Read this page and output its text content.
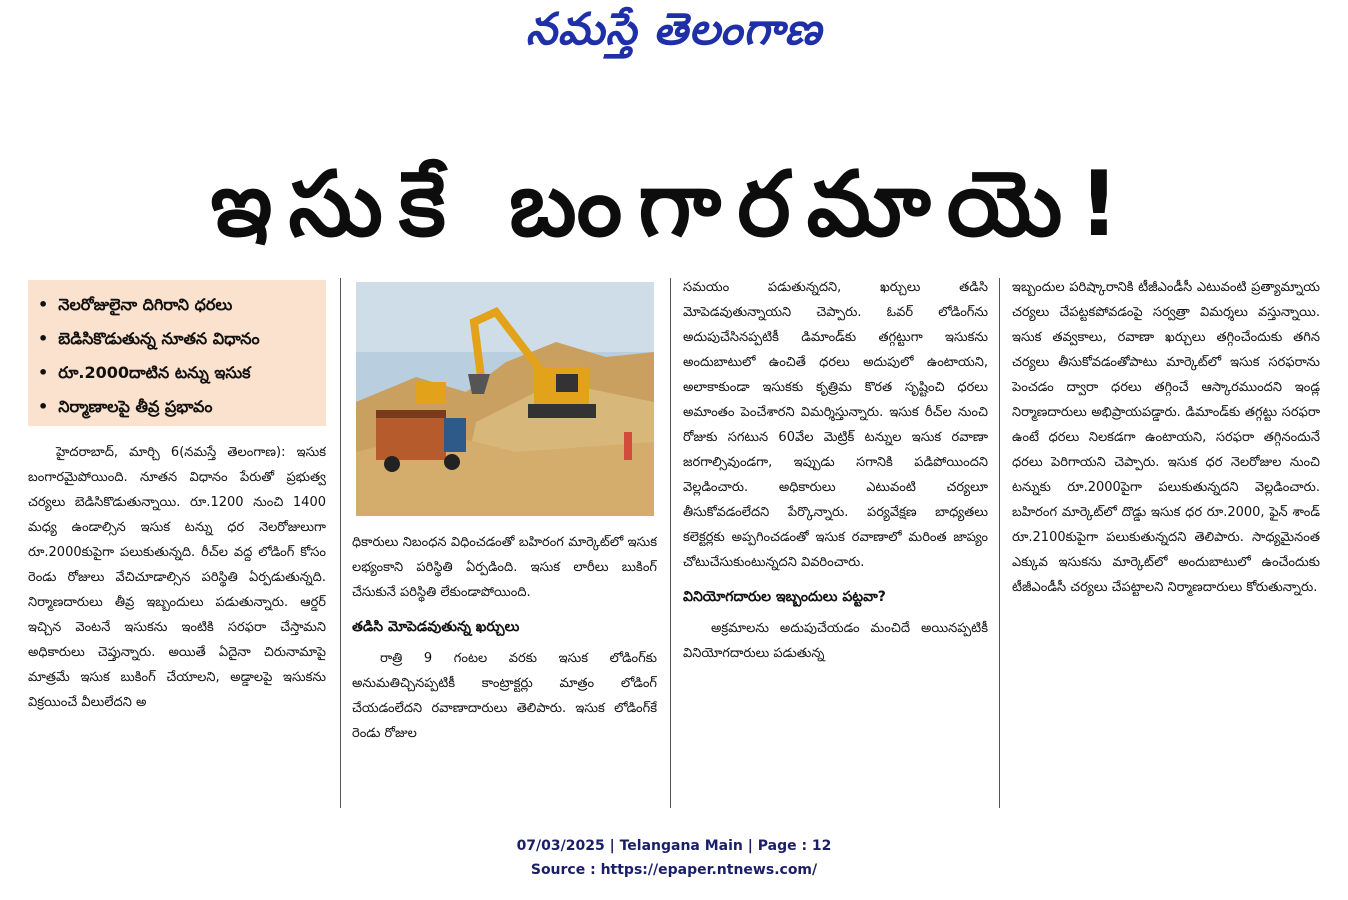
నమస్తే తెలంగాణ
ఇసుకే బంగారమాయె!
• నెలరోజులైనా దిగిరాని ధరలు
• బెడిసికొడుతున్న నూతన విధానం
• రూ.2000దాటిన టన్ను ఇసుక
• నిర్మాణాలపై తీవ్ర ప్రభావం

హైదరాబాద్, మార్చి 6(నమస్తే తెలంగాణ): ఇసుక బంగారమైపోయింది. నూతన విధానం పేరుతో ప్రభుత్వ చర్యలు బెడిసికొడుతున్నాయి. రూ.1200 నుంచి 1400 మధ్య ఉండాల్సిన ఇసుక టన్ను ధర నెలరోజులుగా రూ.2000కుపైగా పలుకుతున్నది. రీచ్‌ల వద్ద లోడింగ్ కోసం రెండు రోజులు వేచిచూడాల్సిన పరిస్థితి ఏర్పడుతున్నది. నిర్మాణదారులు తీవ్ర ఇబ్బందులు పడుతున్నారు. ఆర్డర్ ఇచ్చిన వెంటనే ఇసుకను ఇంటికి సరఫరా చేస్తామని అధికారులు చెప్తున్నారు. అయితే ఏదైనా చిరునామాపై మాత్రమే ఇసుక బుకింగ్ చేయాలని, అడ్డాలపై ఇసుకను విక్రయించే వీలులేదని అ

ధికారులు నిబంధన విధించడంతో బహిరంగ మార్కెట్‌లో ఇసుక లభ్యంకాని పరిస్థితి ఏర్పడింది. ఇసుక లారీలు బుకింగ్ చేసుకునే పరిస్థితి లేకుండాపోయింది.

తడిసి మోపెడవుతున్న ఖర్చులు

రాత్రి 9 గంటల వరకు ఇసుక లోడింగ్‌కు అనుమతిచ్చినప్పటికీ కాంట్రాక్టర్లు మాత్రం లోడింగ్ చేయడంలేదని రవాణాదారులు తెలిపారు. ఇసుక లోడింగ్‌కే రెండు రోజుల

సమయం పడుతున్నదని, ఖర్చులు తడిసి మోపెడవుతున్నాయని చెప్పారు. ఓవర్ లోడింగ్‌ను అదుపుచేసినప్పటికీ డిమాండ్‌కు తగ్గట్టుగా ఇసుకను అందుబాటులో ఉంచితే ధరలు అదుపులో ఉంటాయని, అలాకాకుండా ఇసుకకు కృత్రిమ కొరత సృష్టించి ధరలు అమాంతం పెంచేశారని విమర్శిస్తున్నారు. ఇసుక రీచ్‌ల నుంచి రోజుకు సగటున 60వేల మెట్రిక్ టన్నుల ఇసుక రవాణా జరగాల్సివుండగా, ఇప్పుడు సగానికి పడిపోయిందని వెల్లడించారు. అధికారులు ఎటువంటి చర్యలూ తీసుకోవడంలేదని పేర్కొన్నారు. పర్యవేక్షణ బాధ్యతలు కలెక్టర్లకు అప్పగించడంతో ఇసుక రవాణాలో మరింత జాప్యం చోటుచేసుకుంటున్నదని వివరించారు.

వినియోగదారుల ఇబ్బందులు పట్టవా?

అక్రమాలను అదుపుచేయడం మంచిదే అయినప్పటికీ వినియోగదారులు పడుతున్న

ఇబ్బందుల పరిష్కారానికి టీజీఎండీసీ ఎటువంటి ప్రత్యామ్నాయ చర్యలు చేపట్టకపోవడంపై సర్వత్రా విమర్శలు వస్తున్నాయి. ఇసుక తవ్వకాలు, రవాణా ఖర్చులు తగ్గించేందుకు తగిన చర్యలు తీసుకోవడంతోపాటు మార్కెట్‌లో ఇసుక సరఫరాను పెంచడం ద్వారా ధరలు తగ్గించే ఆస్కారముందని ఇండ్ల నిర్మాణదారులు అభిప్రాయపడ్డారు. డిమాండ్‌కు తగ్గట్టు సరఫరా ఉంటే ధరలు నిలకడగా ఉంటాయని, సరఫరా తగ్గినందునే ధరలు పెరిగాయని చెప్పారు. ఇసుక ధర నెలరోజుల నుంచి టన్నుకు రూ.2000పైగా పలుకుతున్నదని వెల్లడించారు. బహిరంగ మార్కెట్‌లో దొడ్డు ఇసుక ధర రూ.2000, ఫైన్ శాండ్ రూ.2100కుపైగా పలుకుతున్నదని తెలిపారు. సాధ్యమైనంత ఎక్కువ ఇసుకను మార్కెట్‌లో అందుబాటులో ఉంచేందుకు టీజీఎండీసీ చర్యలు చేపట్టాలని నిర్మాణదారులు కోరుతున్నారు.

07/03/2025 | Telangana Main | Page : 12
Source : https://epaper.ntnews.com/
